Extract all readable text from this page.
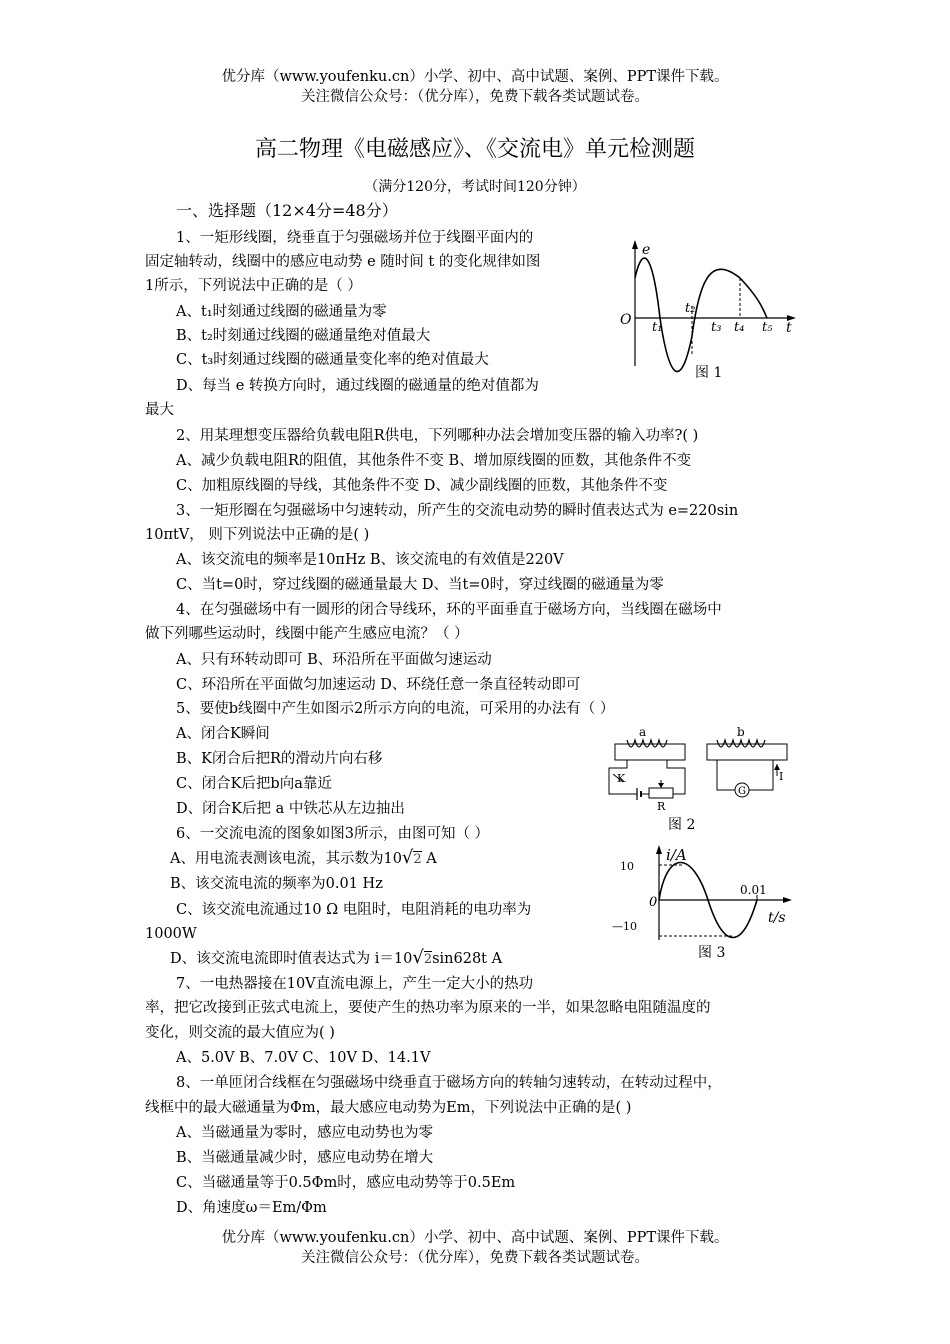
优分库（www.youfenku.cn）小学、初中、高中试题、案例、PPT课件下载。
关注微信公众号：（优分库），免费下载各类试题试卷。
高二物理《电磁感应》、《交流电》单元检测题
（满分120分，考试时间120分钟）
一、选择题（12×4分=48分）
1、一矩形线圈，绕垂直于匀强磁场并位于线圈平面内的
固定轴转动，线圈中的感应电动势 e 随时间 t 的变化规律如图
1所示，下列说法中正确的是（ ）
A、t₁时刻通过线圈的磁通量为零
B、t₂时刻通过线圈的磁通量绝对值最大
C、t₃时刻通过线圈的磁通量变化率的绝对值最大
D、每当 e 转换方向时，通过线圈的磁通量的绝对值都为
最大
e
O	t
t₁
t₂
t₃ t₄ t₅
图 1
2、用某理想变压器给负载电阻R供电，下列哪种办法会增加变压器的输入功率?( )
A、减少负载电阻R的阻值，其他条件不变 B、增加原线圈的匝数，其他条件不变
C、加粗原线圈的导线，其他条件不变 D、减少副线圈的匝数，其他条件不变
3、一矩形圈在匀强磁场中匀速转动，所产生的交流电动势的瞬时值表达式为 e=220sin
10πtV， 则下列说法中正确的是( )
A、该交流电的频率是10πHz B、该交流电的有效值是220V
C、当t=0时，穿过线圈的磁通量最大 D、当t=0时，穿过线圈的磁通量为零
4、在匀强磁场中有一圆形的闭合导线环，环的平面垂直于磁场方向，当线圈在磁场中
做下列哪些运动时，线圈中能产生感应电流？（ ）
A、只有环转动即可 B、环沿所在平面做匀速运动
C、环沿所在平面做匀加速运动 D、环绕任意一条直径转动即可
5、要使b线圈中产生如图示2所示方向的电流，可采用的办法有（ ）
A、闭合K瞬间
B、K闭合后把R的滑动片向右移
C、闭合K后把b向a靠近
D、闭合K后把 a 中铁芯从左边抽出
a	b
K
R
G
I
图 2
6、一交流电流的图象如图3所示，由图可知（ ）
A、用电流表测该电流，其示数为10√2 A
B、该交流电流的频率为0.01 Hz
C、该交流电流通过10 Ω 电阻时，电阻消耗的电功率为
1000W
D、该交流电流即时值表达式为 i＝10√2sin628t A
i/A
10
—10
0
0.01
t/s
图 3
7、一电热器接在10V直流电源上，产生一定大小的热功
率，把它改接到正弦式电流上，要使产生的热功率为原来的一半，如果忽略电阻随温度的
变化，则交流的最大值应为( )
A、5.0V B、7.0V C、10V D、14.1V
8、一单匝闭合线框在匀强磁场中绕垂直于磁场方向的转轴匀速转动，在转动过程中，
线框中的最大磁通量为Φm，最大感应电动势为Em，下列说法中正确的是( )
A、当磁通量为零时，感应电动势也为零
B、当磁通量减少时，感应电动势在增大
C、当磁通量等于0.5Φm时，感应电动势等于0.5Em
D、角速度ω＝Em/Φm
优分库（www.youfenku.cn）小学、初中、高中试题、案例、PPT课件下载。
关注微信公众号：（优分库），免费下载各类试题试卷。
